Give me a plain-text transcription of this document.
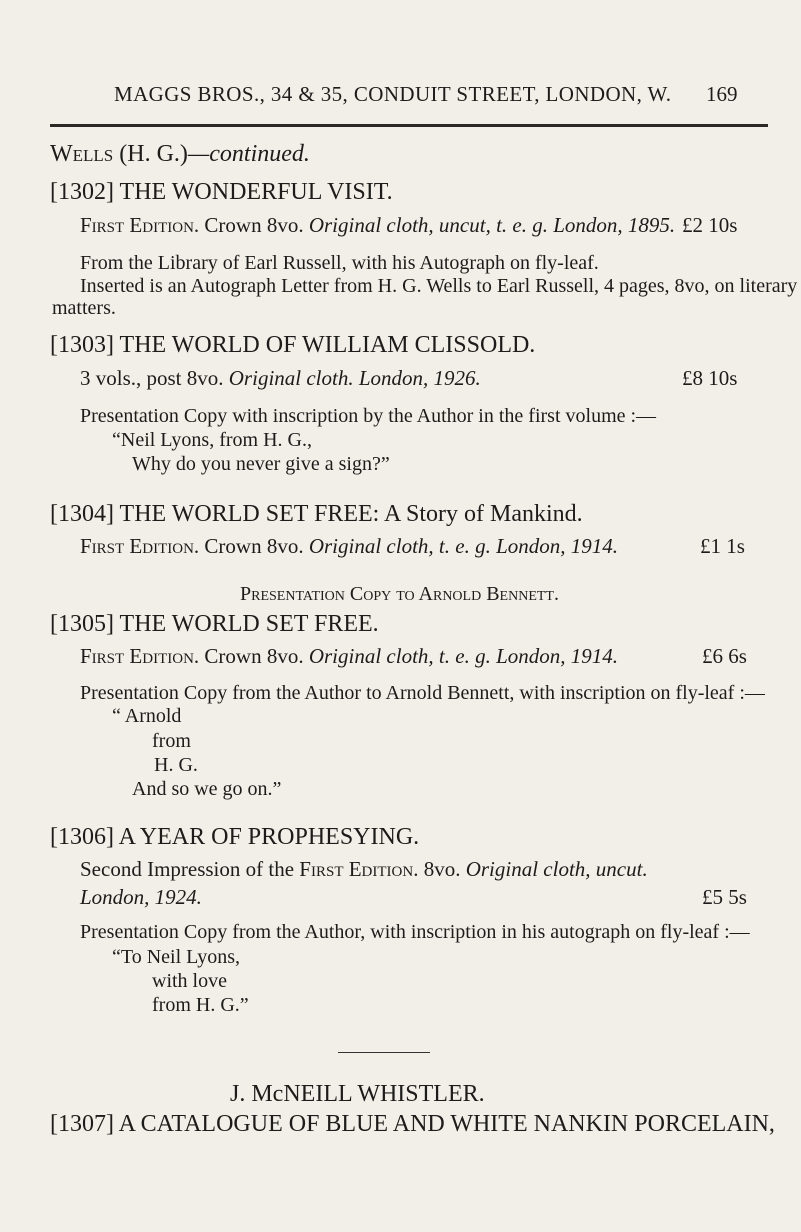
MAGGS BROS., 34 & 35, CONDUIT STREET, LONDON, W. 169
Wells (H. G.)—continued.
[1302] THE WONDERFUL VISIT.
First Edition. Crown 8vo. Original cloth, uncut, t. e. g. London, 1895. £2 10s
From the Library of Earl Russell, with his Autograph on fly-leaf.
Inserted is an Autograph Letter from H. G. Wells to Earl Russell, 4 pages, 8vo, on literary
matters.
[1303] THE WORLD OF WILLIAM CLISSOLD.
3 vols., post 8vo. Original cloth. London, 1926.	£8 10s
Presentation Copy with inscription by the Author in the first volume :—
“Neil Lyons, from H. G.,
Why do you never give a sign?”
[1304] THE WORLD SET FREE: A Story of Mankind.
First Edition. Crown 8vo. Original cloth, t. e. g. London, 1914.	£1 1s
Presentation Copy to Arnold Bennett.
[1305] THE WORLD SET FREE.
First Edition. Crown 8vo. Original cloth, t. e. g. London, 1914.	£6 6s
Presentation Copy from the Author to Arnold Bennett, with inscription on fly-leaf :—
“ Arnold
from
H. G.
And so we go on.”
[1306] A YEAR OF PROPHESYING.
Second Impression of the First Edition. 8vo. Original cloth, uncut.
London, 1924.	£5 5s
Presentation Copy from the Author, with inscription in his autograph on fly-leaf :—
“To Neil Lyons,
with love
from H. G.”
J. McNEILL WHISTLER.
[1307] A CATALOGUE OF BLUE AND WHITE NANKIN PORCELAIN,
